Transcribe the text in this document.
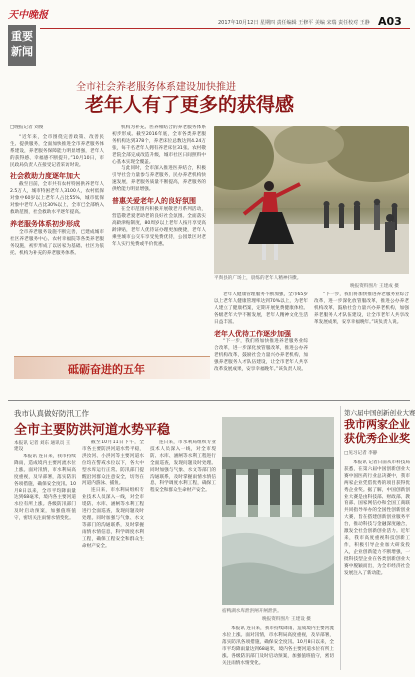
天中晚报
重要
新闻
2017年10月12日 星期四 责任编辑 王修平 美编 宋瑞 责任校对 王静 A03
全市社会养老服务体系建设加快推进
老年人有了更多的获得感
□晚报记者 刘俊

“近年来，全市围绕完善政策、改善民生、提供服务，全面加快推进全市养老服务体系建设，养老服务保障能力明显增强，老年人的获得感、幸福感不断提升。”10月10日，市民政局负责人在接受记者采访时说。

社会救助力度逐年加大

截至目前，全市共有农村特困供养老年人2.5万人，城市特困老年人3100人，农村低保对象中60岁以上老年人占比55%，城市低保对象中老年人占比30%以上，全市已全部纳入救助范围，社会救助水平逐年提高。

养老服务体系初步形成

全市养老服务设施不断完善，已建成城市社区养老服务中心、农村幸福院等各类养老服务设施，初步形成了以居家为基础、社区为依托、机构为补充的养老服务体系。

机构为补充、医养相结合的养老服务体系初步形成。截至2016年底，全市各类养老服务机构达到378个，养老床位总数达到4.24万张，每千名老年人拥有养老床位31张。农村敬老院全部完成改造升级，城市社区日间照料中心基本实现全覆盖。

与此同时，全市深入推进医养结合，积极引导社会力量参与养老服务，民办养老机构快速发展，养老服务质量不断提高，养老服务的供给能力明显增强。

普惠关爱老年人的良好氛围

在全市范围内积极开展敬老月系列活动，营造敬老爱老助老的良好社会氛围。全面落实高龄津贴制度，80周岁以上老年人按月享受高龄津贴，老年人优待证办理更加便捷，老年人乘坐城市公交车享受免费优待，公园景区对老年人实行免费或半价优惠。

平舆县的广场上，晨练的老年人精神抖擞。
晚报资料图片 王建成 摄

老年人健康管理服务不断加强，全市65岁以上老年人健康管理率达到70%以上，为老年人建立了健康档案，定期开展免费健康体检。各级老年大学不断发展，老年人精神文化生活日益丰富。

老年人优待工作逐步加强

“下一步，我们将加快推进养老服务业综合改革，进一步深化放管服改革，推进公办养老机构改革，鼓励社会力量兴办养老机构，加强养老服务人才队伍建设，让全市老年人共享改革发展成果，安享幸福晚年。”该负责人说。

“下一步，我们将加快推进养老服务业综合改革，进一步深化放管服改革，推进公办养老机构改革，鼓励社会力量兴办养老机构，加强养老服务人才队伍建设，让全市老年人共享改革发展成果，安享幸福晚年。”该负责人说。

砥砺奋进的五年
我市认真做好防汛工作
全市主要防洪河道水势平稳
本报讯 记者 刘东 通讯员 王建设

本报讯 连日来，我市持续降雨，造成境内主要河流水位上涨。面对汛情，市水利局高度重视，及早部署，落实防汛各项措施，确保安全度汛。10月8日以来，全市平均降雨量达到68毫米，境内各主要河道水位有所上涨。各级防汛部门及时启动预案，加强值班值守，密切关注雨情水情变化。

截至10月11日下午，全市各主要防洪河道水势平稳，洪汝河、小洪河等主要河道水位均在警戒水位以下，各大中型水库运行正常。防汛部门提醒沿河群众注意安全，切勿在河道内游泳、捕鱼。

连日来，市水利局组织专业技术人员深入一线，对全市堤防、水库、涵闸等水利工程进行全面巡查，发现问题及时处理。同时加强与气象、水文等部门的沟通联系，及时掌握雨情水情信息，科学调度水利工程，确保工程安全和群众生命财产安全。

连日来，市水利局组织专业技术人员深入一线，对全市堤防、水库、涵闸等水利工程进行全面巡查，发现问题及时处理。同时加强与气象、水文等部门的沟通联系，及时掌握雨情水情信息，科学调度水利工程，确保工程安全和群众生命财产安全。

宿鸭湖水库泄洪闸开闸泄洪。
晚报资料图片 王建设 摄

本报讯 连日来，我市持续降雨，造成境内主要河流水位上涨。面对汛情，市水利局高度重视，及早部署，落实防汛各项措施，确保安全度汛。10月8日以来，全市平均降雨量达到68毫米，境内各主要河道水位有所上涨。各级防汛部门及时启动预案，加强值班值守，密切关注雨情水情变化。

第六届中国创新创业大赛
我市两家企业获优秀企业奖
□见习记者 李静

本报讯 记者日前从市科技局获悉，在第六届中国创新创业大赛中国医药行业总决赛中，我市两家企业凭借优秀的项目获得优秀企业奖。据了解，中国创新创业大赛是由科技部、财政部、教育部、国家网信办和全国工商联共同指导举办的全国性创新创业大赛，旨在搭建创新创业服务平台，推动科技与金融深度融合，激发全社会创新创业活力。近年来，我市高度重视科技创新工作，积极引导企业加大研发投入，企业创新能力不断增强，一批科技型企业在各类创新创业大赛中脱颖而出，为全市经济社会发展注入了新动能。
